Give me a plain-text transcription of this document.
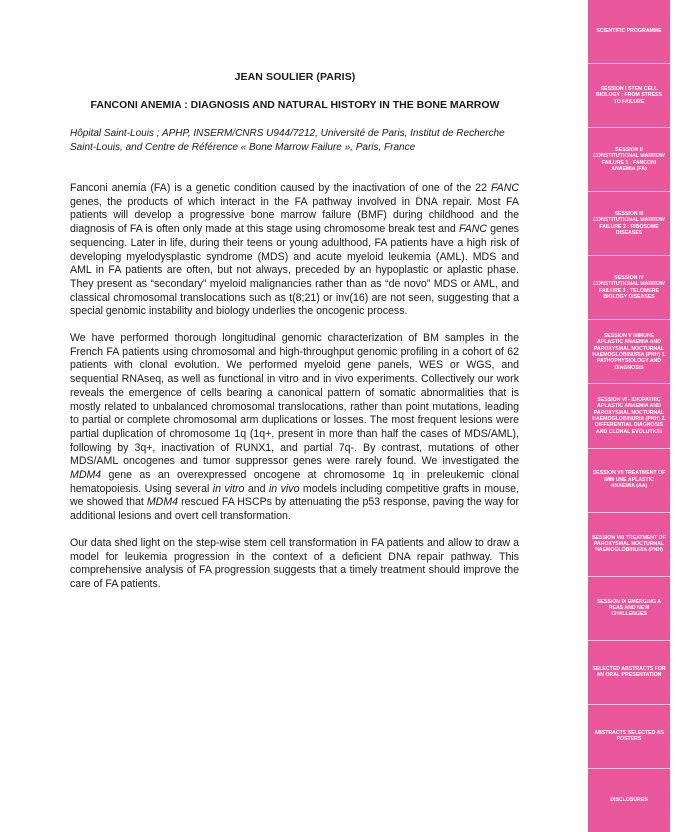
JEAN SOULIER (PARIS)
FANCONI ANEMIA : DIAGNOSIS AND NATURAL HISTORY IN THE BONE MARROW
Hôpital Saint-Louis ; APHP, INSERM/CNRS U944/7212, Université de Paris, Institut de Recherche Saint-Louis, and Centre de Référence « Bone Marrow Failure », Paris, France

Fanconi anemia (FA) is a genetic condition caused by the inactivation of one of the 22 FANC genes, the products of which interact in the FA pathway involved in DNA repair. Most FA patients will develop a progressive bone marrow failure (BMF) during childhood and the diagnosis of FA is often only made at this stage using chromosome break test and FANC genes sequencing. Later in life, during their teens or young adulthood, FA patients have a high risk of developing myelodysplastic syndrome (MDS) and acute myeloid leukemia (AML). MDS and AML in FA patients are often, but not always, preceded by an hypoplastic or aplastic phase. They present as “secondary” myeloid malignancies rather than as “de novo” MDS or AML, and classical chromosomal translocations such as t(8;21) or inv(16) are not seen, suggesting that a special genomic instability and biology underlies the oncogenic process.

We have performed thorough longitudinal genomic characterization of BM samples in the French FA patients using chromosomal and high-throughput genomic profiling in a cohort of 62 patients with clonal evolution. We performed myeloid gene panels, WES or WGS, and sequential RNAseq, as well as functional in vitro and in vivo experiments. Collectively our work reveals the emergence of cells bearing a canonical pattern of somatic abnormalities that is mostly related to unbalanced chromosomal translocations, rather than point mutations, leading to partial or complete chromosomal arm duplications or losses. The most frequent lesions were partial duplication of chromosome 1q (1q+, present in more than half the cases of MDS/AML), following by 3q+, inactivation of RUNX1, and partial 7q-. By contrast, mutations of other MDS/AML oncogenes and tumor suppressor genes were rarely found. We investigated the MDM4 gene as an overexpressed oncogene at chromosome 1q in preleukemic clonal hematopoiesis. Using several in vitro and in vivo models including competitive grafts in mouse, we showed that MDM4 rescued FA HSCPs by attenuating the p53 response, paving the way for additional lesions and overt cell transformation.

Our data shed light on the step-wise stem cell transformation in FA patients and allow to draw a model for leukemia progression in the context of a deficient DNA repair pathway. This comprehensive analysis of FA progression suggests that a timely treatment should improve the care of FA patients.

SCIENTIFIC PROGRAMME
SESSION I STEM CELL BIOLOGY : FROM STRESS TO FAILURE
SESSION II CONSTITUTIONAL MARROW FAILURE 1 : FANCONI ANAEMIA (FA)
SESSION III CONSTITUTIONAL MARROW FAILURE 2 : RIBOSOME DISEASES
SESSION IV CONSTITUTIONAL MARROW FAILURE 3 : TELOMERE BIOLOGY DISEASES
SESSION V IMMUNE APLASTIC ANAEMIA AND PAROXYSMAL NOCTURNAL HAEMOGLOBINURIA (PNH) 1. PATHOPHYSIOLOGY AND DIAGNOSIS
SESSION VI - IDIOPATHIC APLASTIC ANAEMIA AND PAROXYSMAL NOCTURNAL HAEMOGLOBINURIA (PNH) 2. DIFFERENTIAL DIAGNOSIS AND CLONAL EVOLUTION
SESSION VII TREATMENT OF IMM UNE APLASTIC ANAEMIA (AA)
SESSION VIII TREATMENT OF PAROXYSMAL NOCTURNAL HAEMOGLOBINURIA (PNH)
SESSION IX EMERGING A REAS AND NEW CHALLENGES
SELECTED ABSTRACTS FOR AN ORAL PRESENTATION
ABSTRACTS SELECTED AS POSTERS
DISCLOSURES
